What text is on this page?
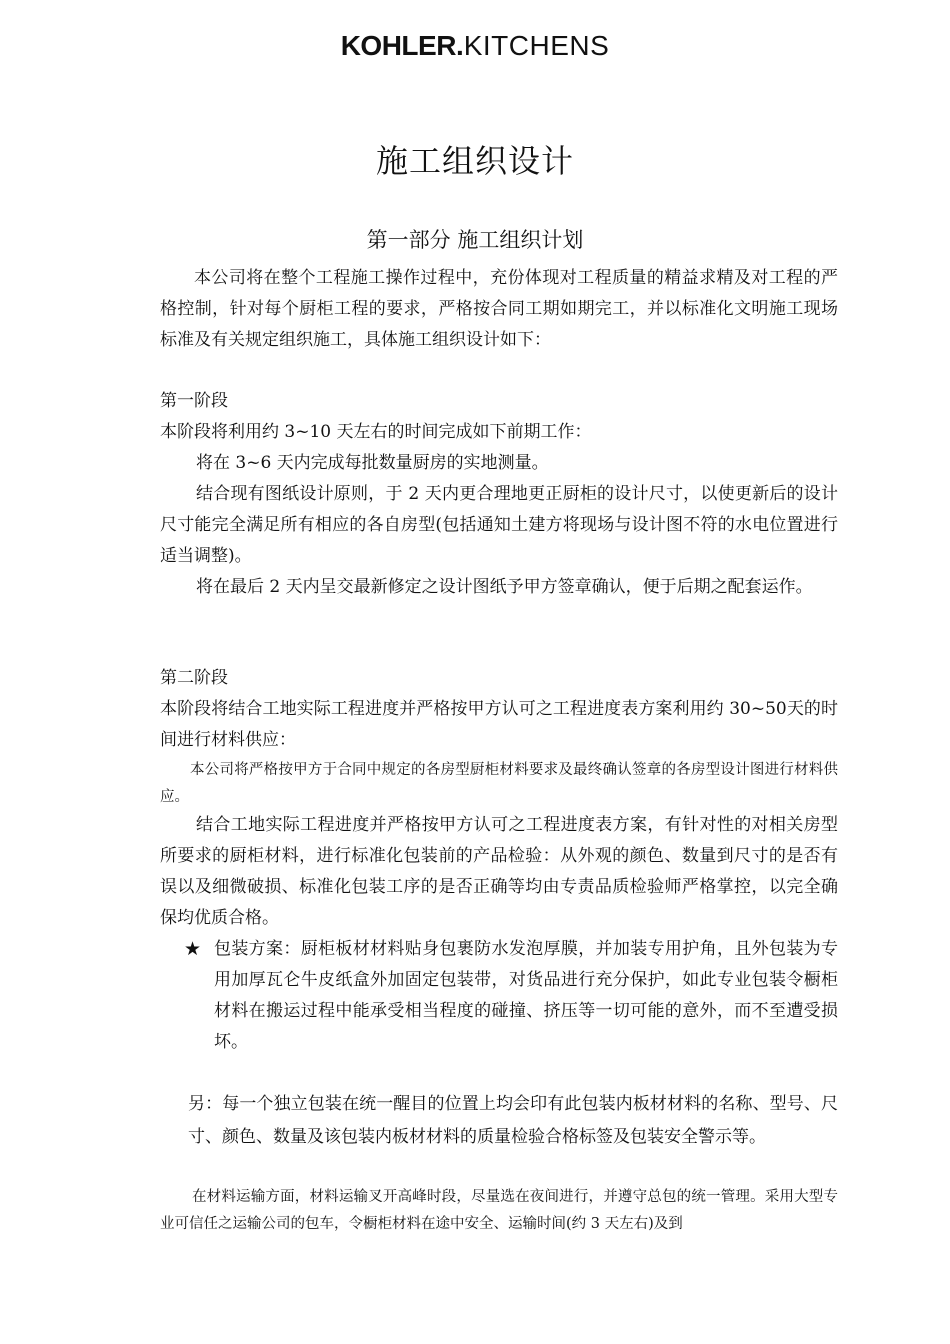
KOHLER.KITCHENS
施工组织设计
第一部分 施工组织计划
本公司将在整个工程施工操作过程中，充份体现对工程质量的精益求精及对工程的严格控制，针对每个厨柜工程的要求，严格按合同工期如期完工，并以标准化文明施工现场标准及有关规定组织施工，具体施工组织设计如下：
第一阶段
本阶段将利用约 3~10 天左右的时间完成如下前期工作：
将在 3~6 天内完成每批数量厨房的实地测量。
结合现有图纸设计原则，于 2 天内更合理地更正厨柜的设计尺寸，以使更新后的设计尺寸能完全满足所有相应的各自房型(包括通知土建方将现场与设计图不符的水电位置进行适当调整)。
将在最后 2 天内呈交最新修定之设计图纸予甲方签章确认，便于后期之配套运作。
第二阶段
本阶段将结合工地实际工程进度并严格按甲方认可之工程进度表方案利用约 30~50天的时间进行材料供应：
本公司将严格按甲方于合同中规定的各房型厨柜材料要求及最终确认签章的各房型设计图进行材料供应。
结合工地实际工程进度并严格按甲方认可之工程进度表方案，有针对性的对相关房型所要求的厨柜材料，进行标准化包装前的产品检验：从外观的颜色、数量到尺寸的是否有误以及细微破损、标准化包装工序的是否正确等均由专责品质检验师严格掌控，以完全确保均优质合格。
★ 包装方案：厨柜板材材料贴身包裹防水发泡厚膜，并加装专用护角，且外包装为专用加厚瓦仑牛皮纸盒外加固定包装带，对货品进行充分保护，如此专业包装令橱柜材料在搬运过程中能承受相当程度的碰撞、挤压等一切可能的意外，而不至遭受损坏。
另：每一个独立包装在统一醒目的位置上均会印有此包装内板材材料的名称、型号、尺寸、颜色、数量及该包装内板材材料的质量检验合格标签及包装安全警示等。
在材料运输方面，材料运输叉开高峰时段，尽量选在夜间进行，并遵守总包的统一管理。采用大型专业可信任之运输公司的包车，令橱柜材料在途中安全、运输时间(约 3 天左右)及到
